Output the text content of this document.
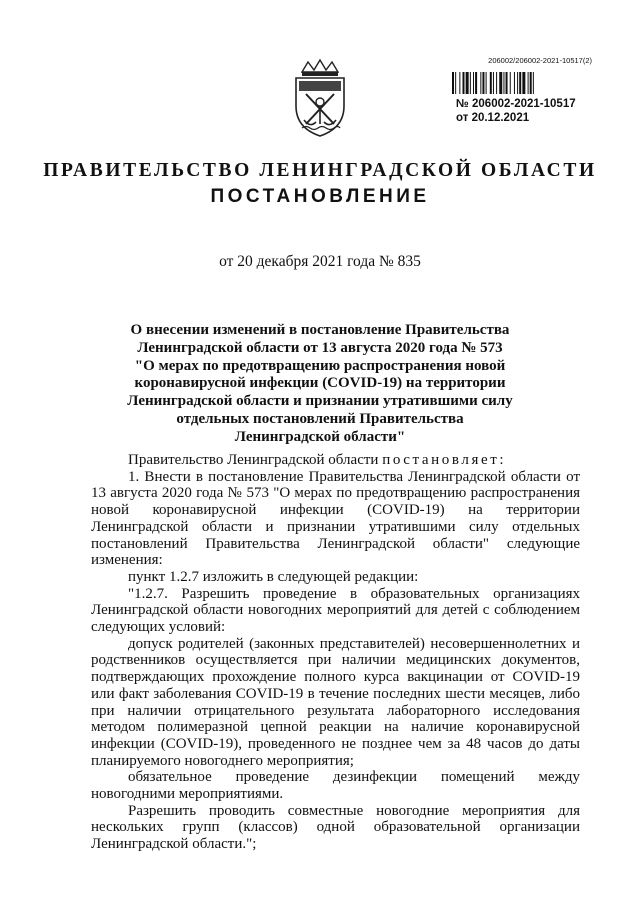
206002/206002-2021-10517(2)
№ 206002-2021-10517
от 20.12.2021
ПРАВИТЕЛЬСТВО ЛЕНИНГРАДСКОЙ ОБЛАСТИ
ПОСТАНОВЛЕНИЕ
от 20 декабря 2021 года № 835
О внесении изменений в постановление Правительства
Ленинградской области от 13 августа 2020 года № 573
"О мерах по предотвращению распространения новой
коронавирусной инфекции (COVID-19) на территории
Ленинградской области и признании утратившими силу
отдельных постановлений Правительства
Ленинградской области"

Правительство Ленинградской области постановляет:

1. Внести в постановление Правительства Ленинградской области от 13 августа 2020 года № 573 "О мерах по предотвращению распространения новой коронавирусной инфекции (COVID-19) на территории Ленинградской области и признании утратившими силу отдельных постановлений Правительства Ленинградской области" следующие изменения:

пункт 1.2.7 изложить в следующей редакции:

"1.2.7. Разрешить проведение в образовательных организациях Ленинградской области новогодних мероприятий для детей с соблюдением следующих условий:

допуск родителей (законных представителей) несовершеннолетних и родственников осуществляется при наличии медицинских документов, подтверждающих прохождение полного курса вакцинации от COVID-19 или факт заболевания COVID-19 в течение последних шести месяцев, либо при наличии отрицательного результата лабораторного исследования методом полимеразной цепной реакции на наличие коронавирусной инфекции (COVID-19), проведенного не позднее чем за 48 часов до даты планируемого новогоднего мероприятия;

обязательное проведение дезинфекции помещений между новогодними мероприятиями.

Разрешить проводить совместные новогодние мероприятия для нескольких групп (классов) одной образовательной организации Ленинградской области.";
